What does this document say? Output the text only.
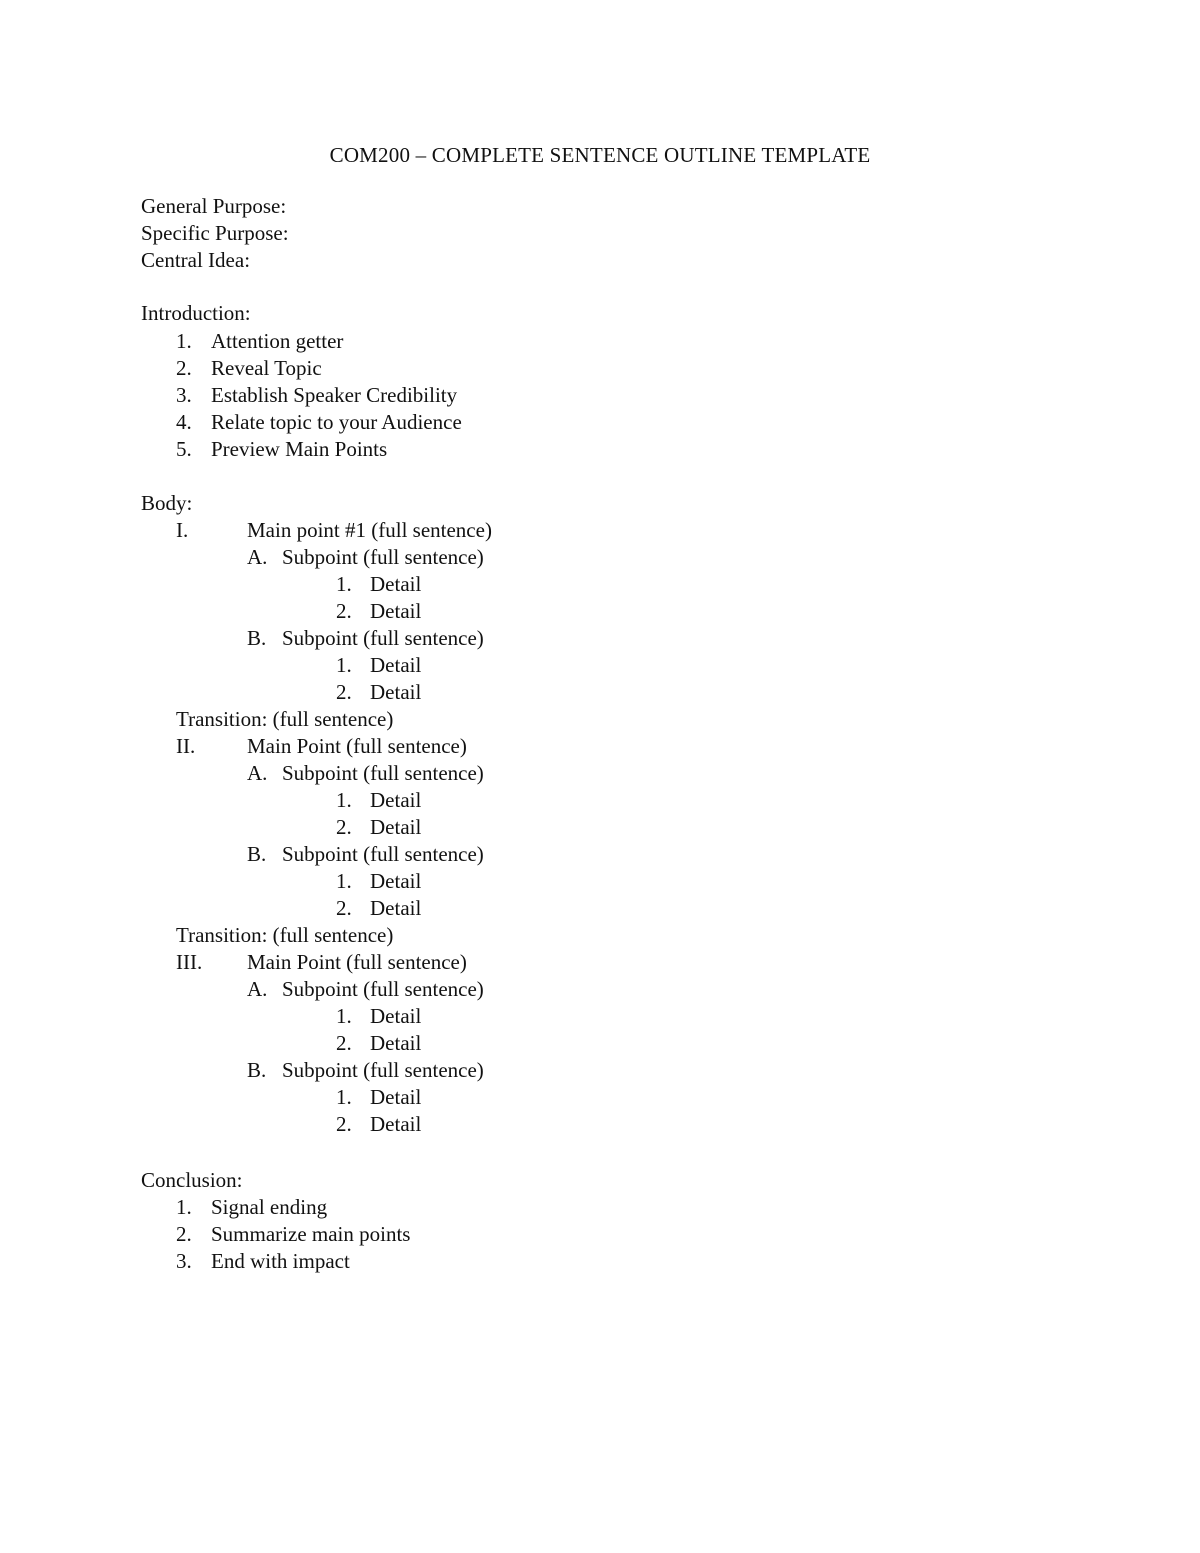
COM200 – COMPLETE SENTENCE OUTLINE TEMPLATE
General Purpose:
Specific Purpose:
Central Idea:
Introduction:
1. Attention getter
2. Reveal Topic
3. Establish Speaker Credibility
4. Relate topic to your Audience
5. Preview Main Points
Body:
I.	Main point #1 (full sentence)
A. Subpoint (full sentence)
1. Detail
2. Detail
B. Subpoint (full sentence)
1. Detail
2. Detail
Transition: (full sentence)
II. Main Point (full sentence)
A. Subpoint (full sentence)
1. Detail
2. Detail
B. Subpoint (full sentence)
1. Detail
2. Detail
Transition: (full sentence)
III. Main Point (full sentence)
A. Subpoint (full sentence)
1. Detail
2. Detail
B. Subpoint (full sentence)
1. Detail
2. Detail
Conclusion:
1. Signal ending
2. Summarize main points
3. End with impact
